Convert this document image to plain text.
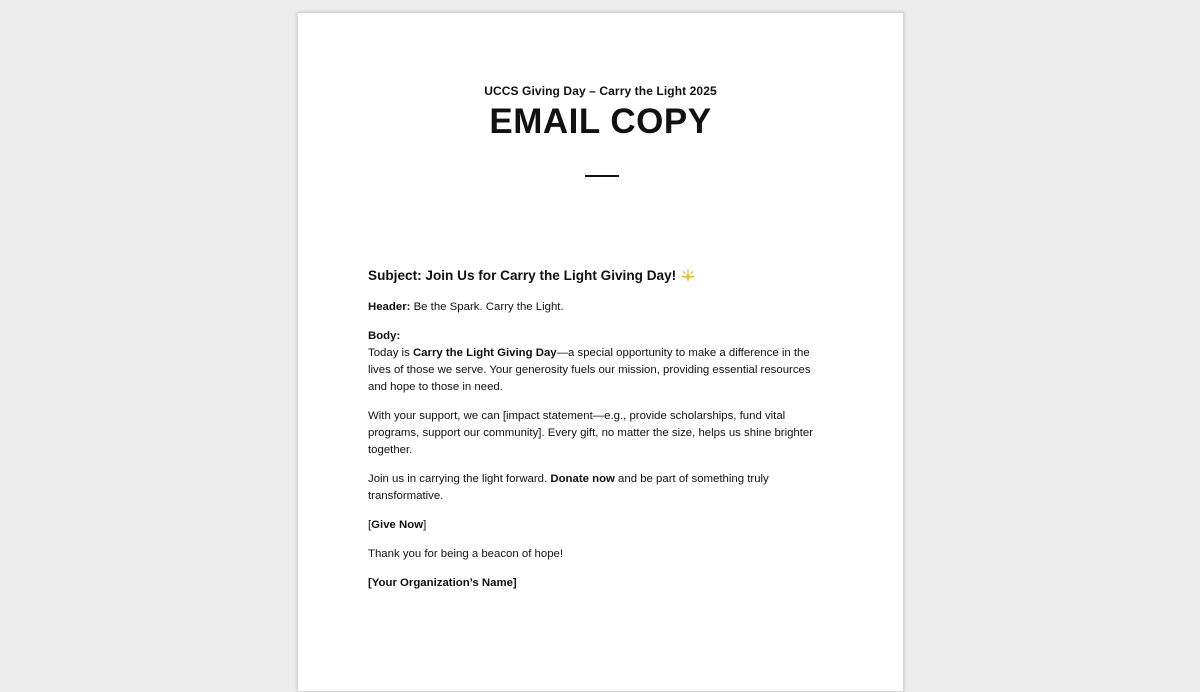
UCCS Giving Day – Carry the Light 2025
EMAIL COPY
Subject: Join Us for Carry the Light Giving Day!

Header: Be the Spark. Carry the Light.

Body:
Today is Carry the Light Giving Day—a special opportunity to make a difference in the lives of those we serve. Your generosity fuels our mission, providing essential resources and hope to those in need.

With your support, we can [impact statement—e.g., provide scholarships, fund vital programs, support our community]. Every gift, no matter the size, helps us shine brighter together.

Join us in carrying the light forward. Donate now and be part of something truly transformative.

[Give Now]

Thank you for being a beacon of hope!

[Your Organization’s Name]
